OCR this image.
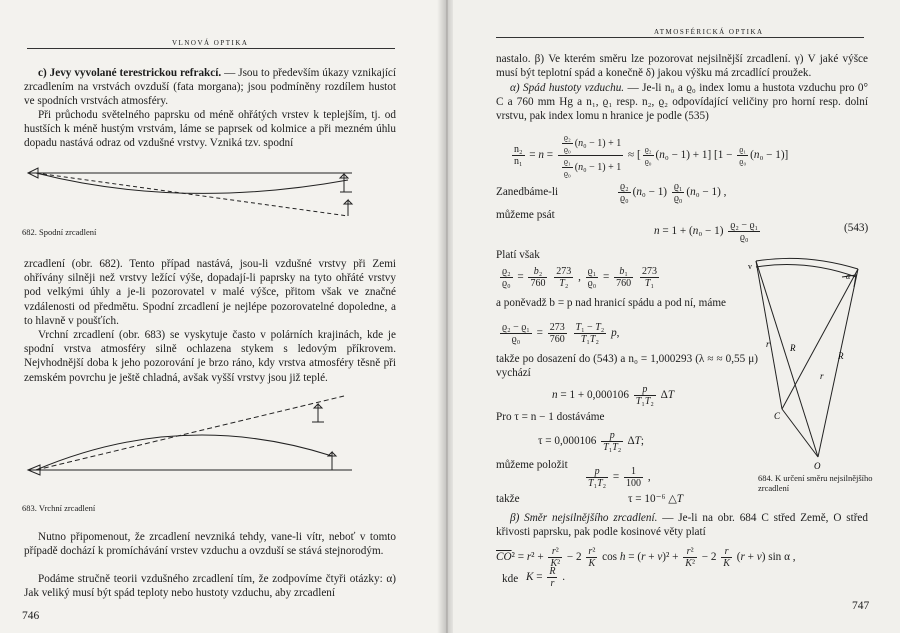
VLNOVÁ OPTIKA
c) Jevy vyvolané terestrickou refrakcí. — Jsou to především úkazy vznikající zrcadlením na vrstvách ovzduší (fata morgana); jsou podmíněny rozdílem hustot ve spodních vrstvách atmosféry.
Při průchodu světelného paprsku od méně ohřátých vrstev k teplejším, tj. od hustších k méně hustým vrstvám, láme se paprsek od kolmice a při mezném úhlu dopadu nastává odraz od vzdušné vrstvy. Vzniká tzv. spodní
682. Spodní zrcadlení
zrcadlení (obr. 682). Tento případ nastává, jsou-li vzdušné vrstvy při Zemi ohřívány silněji než vrstvy ležící výše, dopadají-li paprsky na tyto ohřáté vrstvy pod velkými úhly a je-li pozorovatel v malé výšce, přitom však ve značné vzdálenosti od předmětu. Spodní zrcadlení je nejlépe pozorovatelné dopoledne, a to hlavně v poušťích.
Vrchní zrcadlení (obr. 683) se vyskytuje často v polárních krajinách, kde je spodní vrstva atmosféry silně ochlazena stykem s ledovým příkrovem. Nejvhodnější doba k jeho pozorování je brzo ráno, kdy vrstva atmosféry těsně při zemském povrchu je ještě chladná, avšak vyšší vrstvy jsou již teplé.
683. Vrchní zrcadlení
Nutno připomenout, že zrcadlení nevzniká tehdy, vane-li vítr, neboť v tomto případě dochází k promíchávání vrstev vzduchu a ovzduší se stává stejnorodým.
Podáme stručně teorii vzdušného zrcadlení tím, že zodpovíme čtyři otázky: α) Jak veliký musí být spád teploty nebo hustoty vzduchu, aby zrcadlení
746
ATMOSFÉRICKÁ OPTIKA
nastalo. β) Ve kterém směru lze pozorovat nejsilnější zrcadlení. γ) V jaké výšce musí být teplotní spád a konečně δ) jakou výšku má zrcadlící proužek.
α) Spád hustoty vzduchu. — Je-li n₀ a ϱ₀ index lomu a hustota vzduchu pro 0° C a 760 mm Hg a n₁, ϱ₁ resp. n₂, ϱ₂ odpovídající veličiny pro horní resp. dolní vrstvu, pak index lomu n hranice je podle (535)
$\frac{\text{n₂}}{\text{n₁}} = n = \frac{\frac{\text{ϱ₂}}{\text{ϱ₀}} (n_0 - 1) + 1}{\frac{\text{ϱ₁}}{\text{ϱ₀}} (n_0 - 1) + 1}$ ≈ [ $\frac{\text{ϱ₂}}{\text{ϱ₀}} (n_0 - 1) + 1$] $[1 - \frac{\text{ϱ₁}}{\text{ϱ₀}} (n_0 - 1)]$
Zanedbáme-li	$\frac{\text{ϱ₂}}{\text{ϱ₀}} (n_0 - 1) \frac{\text{ϱ₁}}{\text{ϱ₀}} (n_0 - 1)$ ,
můžeme psát
$n = 1 + (n_0 - 1) \frac{\text{ϱ₂ − ϱ₁}}{\text{ϱ₀}}$	(543)
Platí však
$\frac{\text{ϱ₂}}{\text{ϱ₀}} = \frac{\text{b₂}}{760}$
$\frac{273}{\text{T₂}}$ , $\frac{\text{ϱ₁}}{\text{ϱ₀}} = \frac{\text{b₁}}{760}$
$\frac{273}{\text{T₁}}$
a poněvadž b = p nad hranicí spádu a pod ní, máme
$\frac{\text{ϱ₂ − ϱ₁}}{\text{ϱ₀}} = \frac{273}{760}$
$\frac{\text{T₁ − T₂}}{\text{T₁T₂}} p$,
takže po dosazení do (543) a n₀ = 1,000293 (λ ≈ ≈ 0,55 μ) vychází
$n = 1 + 0,000106 \frac{p}{\text{T₁T₂}}$ ΔT
Pro τ = n − 1 dostáváme
$\tau = 0,000106 \frac{p}{\text{T₁T₂}} \Delta T$;
můžeme položit
$\frac{p}{\text{T₁T₂}} = \frac{1}{100}$ ,
takže	τ = 10⁻⁶ △T
β) Směr nejsilnějšího zrcadlení. — Je-li na obr. 684 C střed Země, O střed křivosti paprsku, pak podle kosinové věty platí
$\overline{CO}^2 = r^2 + \frac{\text{r²}}{\text{K²}} - 2 \frac{\text{r²}}{K}$ $\cos h = (r + v)^2 + \frac{\text{r²}}{\text{K²}} - 2 \frac{r}{K} (r + v)$ sin α ,
kde $K = \frac{R}{r}$ .
v
α
r R
R
r
C
O
684. K určení směru nejsilnějšího zrcadlení
747
